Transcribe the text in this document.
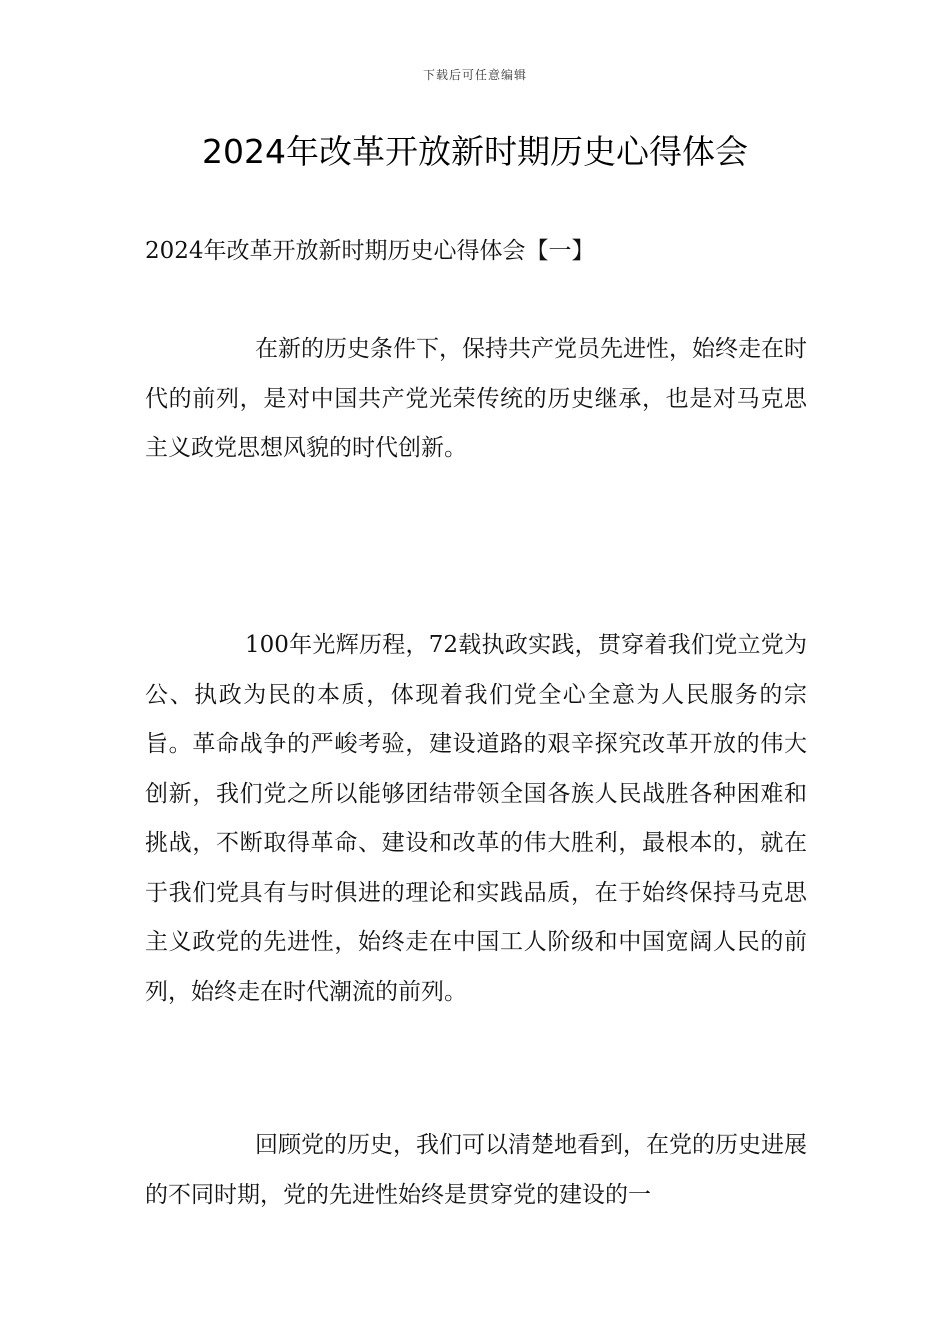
下载后可任意编辑
2024年改革开放新时期历史心得体会
2024年改革开放新时期历史心得体会【一】

在新的历史条件下，保持共产党员先进性，始终走在时代的前列，是对中国共产党光荣传统的历史继承，也是对马克思主义政党思想风貌的时代创新。

100年光辉历程，72载执政实践，贯穿着我们党立党为公、执政为民的本质，体现着我们党全心全意为人民服务的宗旨。革命战争的严峻考验，建设道路的艰辛探究改革开放的伟大创新，我们党之所以能够团结带领全国各族人民战胜各种困难和挑战，不断取得革命、建设和改革的伟大胜利，最根本的，就在于我们党具有与时俱进的理论和实践品质，在于始终保持马克思主义政党的先进性，始终走在中国工人阶级和中国宽阔人民的前列，始终走在时代潮流的前列。

回顾党的历史，我们可以清楚地看到，在党的历史进展的不同时期，党的先进性始终是贯穿党的建设的一
